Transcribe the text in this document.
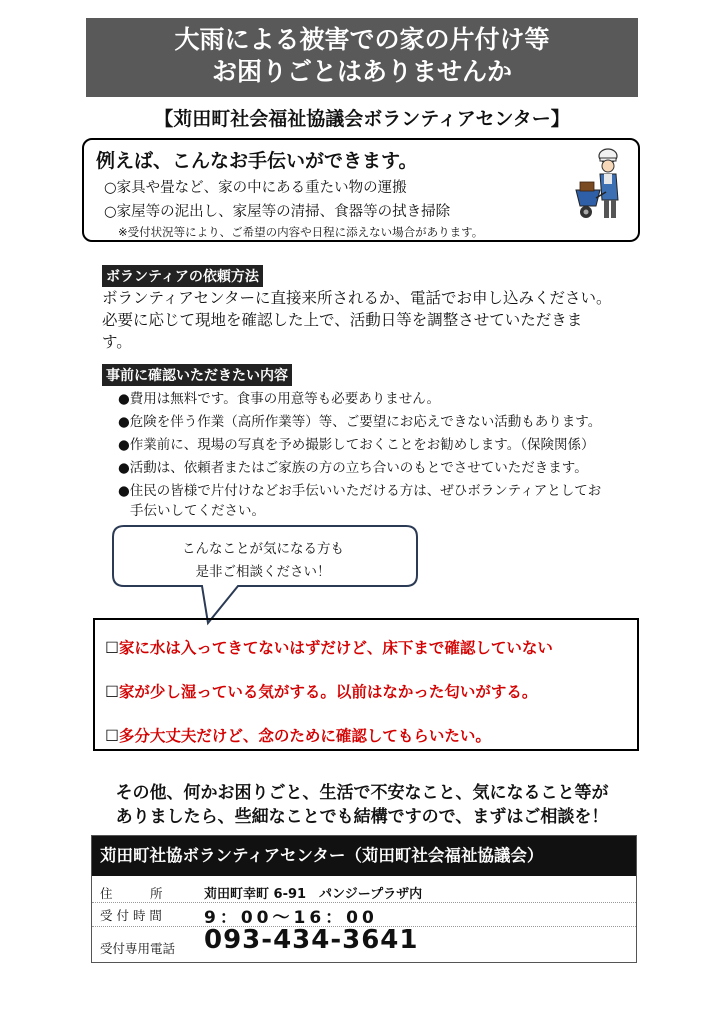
大雨による被害での家の片付け等
お困りごとはありませんか
【苅田町社会福祉協議会ボランティアセンター】
例えば、こんなお手伝いができます。
○家具や畳など、家の中にある重たい物の運搬
○家屋等の泥出し、家屋等の清掃、食器等の拭き掃除
※受付状況等により、ご希望の内容や日程に添えない場合があります。
ボランティアの依頼方法
ボランティアセンターに直接来所されるか、電話でお申し込みください。
必要に応じて現地を確認した上で、活動日等を調整させていただきま
す。
事前に確認いただきたい内容
●費用は無料です。食事の用意等も必要ありません。
●危険を伴う作業（高所作業等）等、ご要望にお応えできない活動もあります。
●作業前に、現場の写真を予め撮影しておくことをお勧めします。（保険関係）
●活動は、依頼者またはご家族の方の立ち合いのもとでさせていただきます。
●住民の皆様で片付けなどお手伝いいただける方は、ぜひボランティアとしてお
手伝いしてください。
こんなことが気になる方も
是非ご相談ください！
☐家に水は入ってきてないはずだけど、床下まで確認していない
☐家が少し湿っている気がする。以前はなかった匂いがする。
☐多分大丈夫だけど、念のために確認してもらいたい。
その他、何かお困りごと、生活で不安なこと、気になること等が
ありましたら、些細なことでも結構ですので、まずはご相談を！
苅田町社協ボランティアセンター（苅田町社会福祉協議会）
住　　　所	苅田町幸町 6-91　パンジープラザ内
受 付 時 間 9：00〜16：00
受付専用電話 093-434-3641
